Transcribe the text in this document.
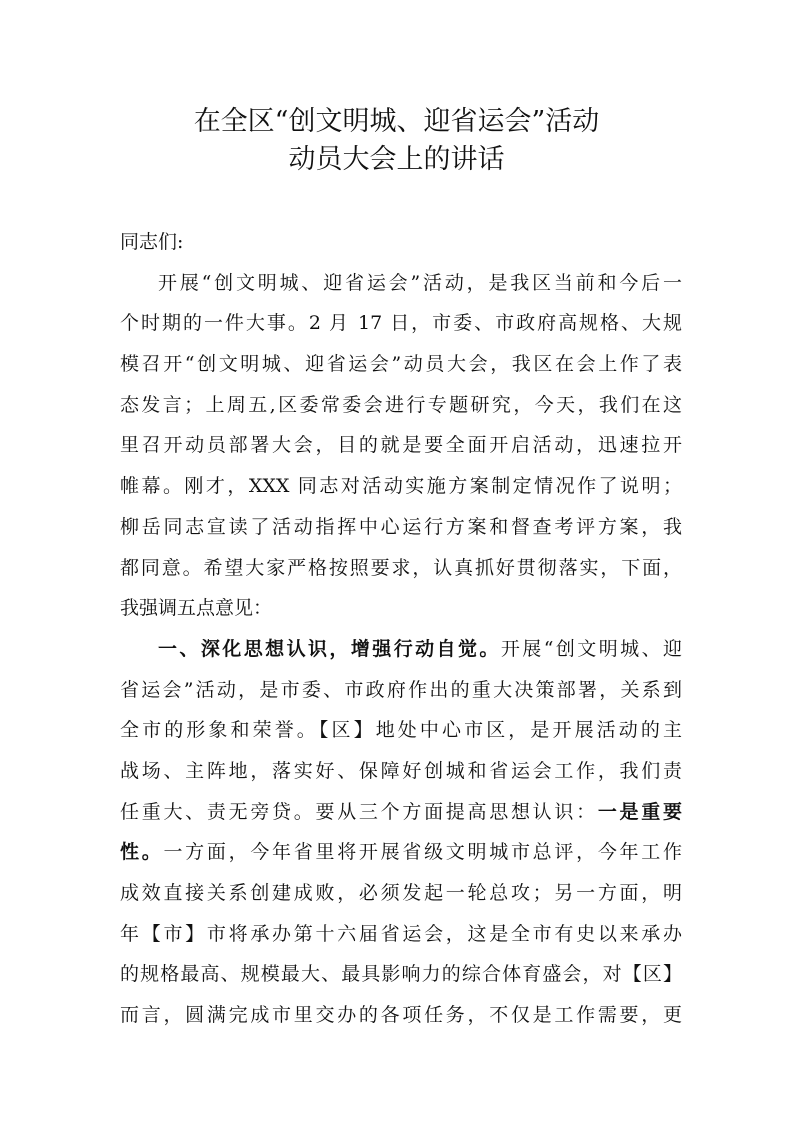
在全区“创文明城、迎省运会”活动
动员大会上的讲话
同志们:
开展“创文明城、迎省运会”活动，是我区当前和今后一
个时期的一件大事。2 月 17 日，市委、市政府高规格、大规
模召开“创文明城、迎省运会”动员大会，我区在会上作了表
态发言；上周五,区委常委会进行专题研究，今天，我们在这
里召开动员部署大会，目的就是要全面开启活动，迅速拉开
帷幕。刚才，XXX 同志对活动实施方案制定情况作了说明；
柳岳同志宣读了活动指挥中心运行方案和督查考评方案，我
都同意。希望大家严格按照要求，认真抓好贯彻落实，下面，
我强调五点意见：
一、深化思想认识，增强行动自觉。开展“创文明城、迎
省运会”活动，是市委、市政府作出的重大决策部署，关系到
全市的形象和荣誉。【区】地处中心市区，是开展活动的主
战场、主阵地，落实好、保障好创城和省运会工作，我们责
任重大、责无旁贷。要从三个方面提高思想认识：一是重要
性。一方面，今年省里将开展省级文明城市总评，今年工作
成效直接关系创建成败，必须发起一轮总攻；另一方面，明
年【市】市将承办第十六届省运会，这是全市有史以来承办
的规格最高、规模最大、最具影响力的综合体育盛会，对【区】
而言，圆满完成市里交办的各项任务，不仅是工作需要，更
